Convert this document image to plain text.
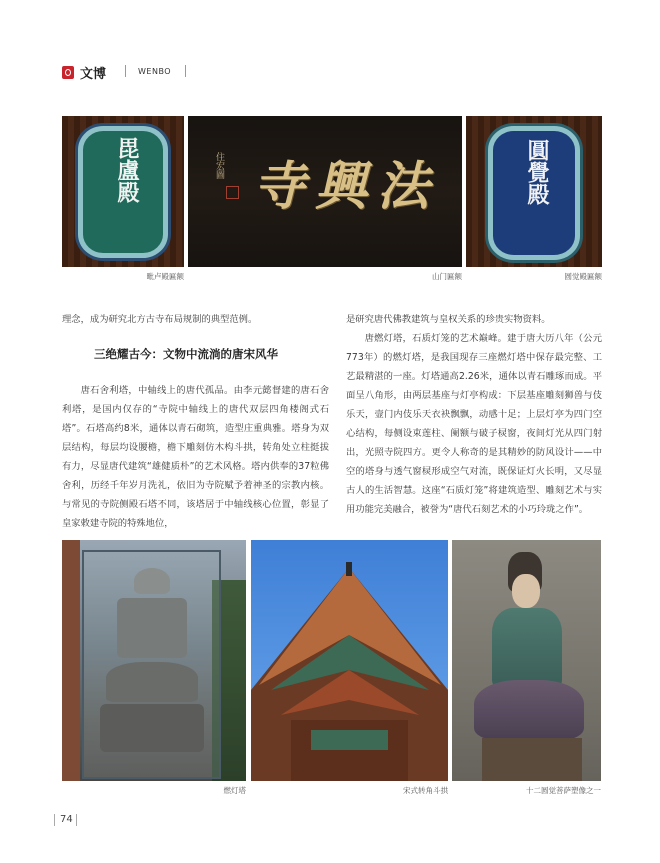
文博	WENBO
毘盧殿	住宏圖 法興寺	圓覺殿
毗卢殿匾额	山门匾额	圆觉殿匾额

理念，成为研究北方古寺布局规制的典型范例。

三绝耀古今：文物中流淌的唐宋风华

唐石舍利塔，中轴线上的唐代孤品。由李元懿督建的唐石舍利塔，是国内仅存的“寺院中轴线上的唐代双层四角楼阁式石塔”。石塔高约8米，通体以青石砌筑，造型庄重典雅。塔身为双层结构，每层均设腰檐，檐下雕刻仿木构斗拱，转角处立柱挺拔有力，尽显唐代建筑“雄健质朴”的艺术风格。塔内供奉的37粒佛舍利，历经千年岁月洗礼，依旧为寺院赋予着神圣的宗教内核。与常见的寺院侧殿石塔不同，该塔居于中轴线核心位置，彰显了皇家敕建寺院的特殊地位，

是研究唐代佛教建筑与皇权关系的珍贵实物资料。

唐燃灯塔，石质灯笼的艺术巅峰。建于唐大历八年（公元773年）的燃灯塔，是我国现存三座燃灯塔中保存最完整、工艺最精湛的一座。灯塔通高2.26米，通体以青石雕琢而成。平面呈八角形，由两层基座与灯亭构成：下层基座雕刻狮兽与伎乐天，壸门内伎乐天衣袂飘飘，动感十足；上层灯亭为四门空心结构，每侧设束莲柱、阑额与破子棂窗，夜间灯光从四门射出，光照寺院四方。更令人称奇的是其精妙的防风设计——中空的塔身与透气窗棂形成空气对流，既保证灯火长明，又尽显古人的生活智慧。这座“石质灯笼”将建筑造型、雕刻艺术与实用功能完美融合，被誉为“唐代石刻艺术的小巧玲珑之作”。

燃灯塔	宋式转角斗拱	十二圆觉菩萨塑像之一
74
